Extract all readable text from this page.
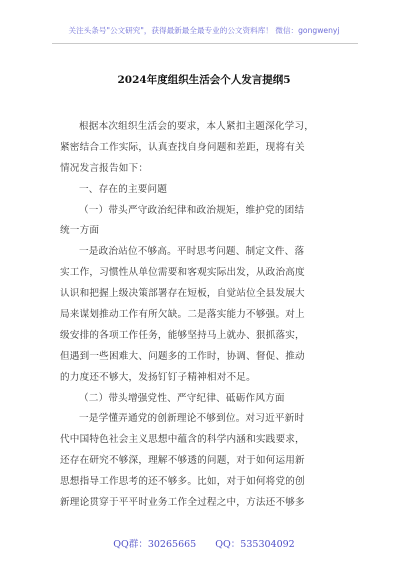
关注头条号"公文研究"，获得最新最全最专业的公文资料库！ 微信：gongwenyj
2024年度组织生活会个人发言提纲5
根据本次组织生活会的要求，本人紧扣主题深化学习，
紧密结合工作实际，认真查找自身问题和差距，现将有关
情况发言报告如下：
一、存在的主要问题
（一）带头严守政治纪律和政治规矩，维护党的团结
统一方面
一是政治站位不够高。平时思考问题、制定文件、落
实工作，习惯性从单位需要和客观实际出发，从政治高度
认识和把握上级决策部署存在短板，自觉站位全县发展大
局来谋划推动工作有所欠缺。二是落实能力不够强。对上
级安排的各项工作任务，能够坚持马上就办、狠抓落实，
但遇到一些困难大、问题多的工作时，协调、督促、推动
的力度还不够大，发扬钉钉子精神相对不足。
（二）带头增强党性、严守纪律、砥砺作风方面
一是学懂弄通党的创新理论不够到位。对习近平新时
代中国特色社会主义思想中蕴含的科学内涵和实践要求，
还存在研究不够深，理解不够透的问题，对于如何运用新
思想指导工作思考的还不够多。比如，对于如何将党的创
新理论贯穿于平平时业务工作全过程之中，方法还不够多
QQ群：30265665 QQ：535304092
